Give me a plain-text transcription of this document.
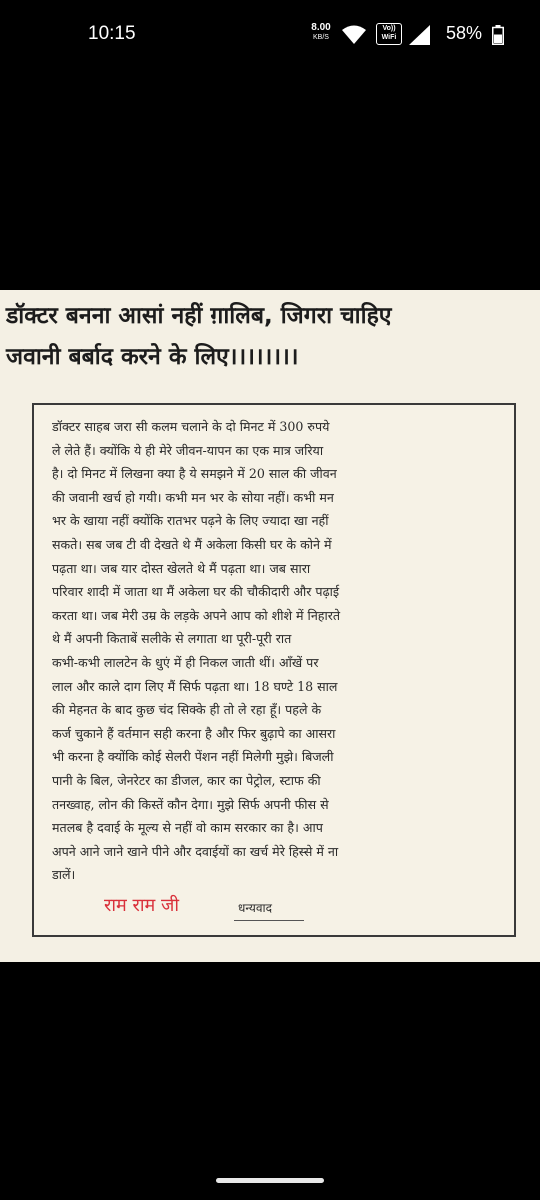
10:15	8.00
KB/S
Vo))
WiFi	58%
डॉक्टर बनना आसां नहीं ग़ालिब, जिगरा चाहिए
जवानी बर्बाद करने के लिए।।।।।।।।
डॉक्टर साहब जरा सी कलम चलाने के दो मिनट में 300 रुपये
ले लेते हैं। क्योंकि ये ही मेरे जीवन-यापन का एक मात्र जरिया
है। दो मिनट में लिखना क्या है ये समझने में 20 साल की जीवन
की जवानी खर्च हो गयी। कभी मन भर के सोया नहीं। कभी मन
भर के खाया नहीं क्योंकि रातभर पढ़ने के लिए ज्यादा खा नहीं
सकते। सब जब टी वी देखते थे मैं अकेला किसी घर के कोने में
पढ़ता था। जब यार दोस्त खेलते थे मैं पढ़ता था। जब सारा
परिवार शादी में जाता था मैं अकेला घर की चौकीदारी और पढ़ाई
करता था। जब मेरी उम्र के लड़के अपने आप को शीशे में निहारते
थे मैं अपनी किताबें सलीके से लगाता था पूरी-पूरी रात
कभी-कभी लालटेन के धुएं में ही निकल जाती थीं। आँखें पर
लाल और काले दाग लिए मैं सिर्फ पढ़ता था। 18 घण्टे 18 साल
की मेहनत के बाद कुछ चंद सिक्के ही तो ले रहा हूँ। पहले के
कर्ज चुकाने हैं वर्तमान सही करना है और फिर बुढ़ापे का आसरा
भी करना है क्योंकि कोई सेलरी पेंशन नहीं मिलेगी मुझे। बिजली
पानी के बिल, जेनरेटर का डीजल, कार का पेट्रोल, स्टाफ की
तनख्वाह, लोन की किस्तें कौन देगा। मुझे सिर्फ अपनी फीस से
मतलब है दवाई के मूल्य से नहीं वो काम सरकार का है। आप
अपने आने जाने खाने पीने और दवाईयों का खर्च मेरे हिस्से में ना
डालें।
राम राम जी	धन्यवाद
